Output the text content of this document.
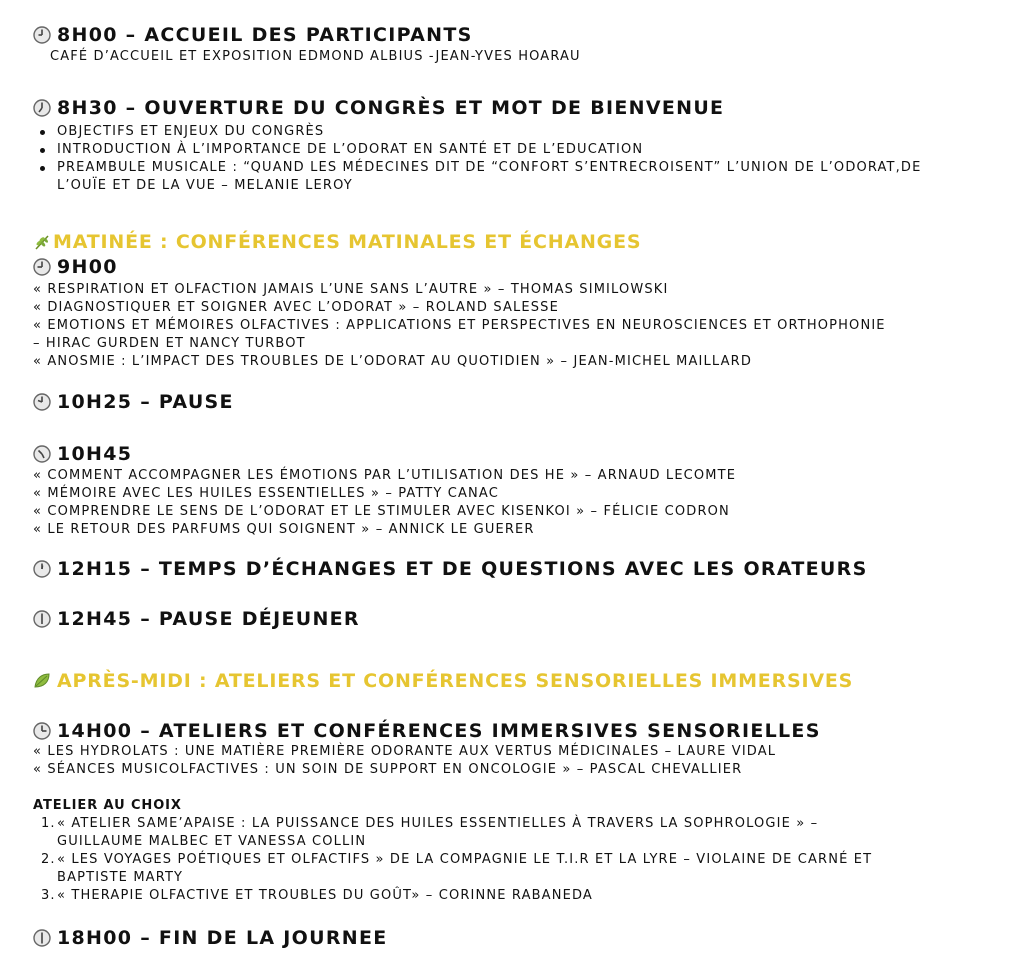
8H00 – ACCUEIL DES PARTICIPANTS
CAFÉ D’ACCUEIL ET EXPOSITION EDMOND ALBIUS -JEAN-YVES HOARAU
8H30 – OUVERTURE DU CONGRÈS ET MOT DE BIENVENUE
OBJECTIFS ET ENJEUX DU CONGRÈS
INTRODUCTION À L’IMPORTANCE DE L’ODORAT EN SANTÉ ET DE L’EDUCATION
PREAMBULE MUSICALE : “QUAND LES MÉDECINES DIT DE “CONFORT S’ENTRECROISENT” L’UNION DE L’ODORAT,DE L’OUÏE ET DE LA VUE – MELANIE LEROY
MATINÉE : CONFÉRENCES MATINALES ET ÉCHANGES
9H00
« RESPIRATION ET OLFACTION JAMAIS L’UNE SANS L’AUTRE » – THOMAS SIMILOWSKI
« DIAGNOSTIQUER ET SOIGNER AVEC L’ODORAT » – ROLAND SALESSE
« EMOTIONS ET MÉMOIRES OLFACTIVES : APPLICATIONS ET PERSPECTIVES EN NEUROSCIENCES ET ORTHOPHONIE
– HIRAC GURDEN ET NANCY TURBOT
« ANOSMIE : L’IMPACT DES TROUBLES DE L’ODORAT AU QUOTIDIEN » – JEAN-MICHEL MAILLARD
10H25 – PAUSE
10H45
« COMMENT ACCOMPAGNER LES ÉMOTIONS PAR L’UTILISATION DES HE » – ARNAUD LECOMTE
« MÉMOIRE AVEC LES HUILES ESSENTIELLES » – PATTY CANAC
« COMPRENDRE LE SENS DE L’ODORAT ET LE STIMULER AVEC KISENKOI » – FÉLICIE CODRON
« LE RETOUR DES PARFUMS QUI SOIGNENT » – ANNICK LE GUERER
12H15 – TEMPS D’ÉCHANGES ET DE QUESTIONS AVEC LES ORATEURS
12H45 – PAUSE DÉJEUNER
APRÈS-MIDI : ATELIERS ET CONFÉRENCES SENSORIELLES IMMERSIVES
14H00 – ATELIERS ET CONFÉRENCES IMMERSIVES SENSORIELLES
« LES HYDROLATS : UNE MATIÈRE PREMIÈRE ODORANTE AUX VERTUS MÉDICINALES – LAURE VIDAL
« SÉANCES MUSICOLFACTIVES : UN SOIN DE SUPPORT EN ONCOLOGIE » – PASCAL CHEVALLIER
ATELIER AU CHOIX
1. « ATELIER SAME’APAISE : LA PUISSANCE DES HUILES ESSENTIELLES À TRAVERS LA SOPHROLOGIE » –
GUILLAUME MALBEC ET VANESSA COLLIN
2. « LES VOYAGES POÉTIQUES ET OLFACTIFS » DE LA COMPAGNIE LE T.I.R ET LA LYRE – VIOLAINE DE CARNÉ ET
BAPTISTE MARTY
3. « THERAPIE OLFACTIVE ET TROUBLES DU GOÛT» – CORINNE RABANEDA
18H00 – FIN DE LA JOURNEE
